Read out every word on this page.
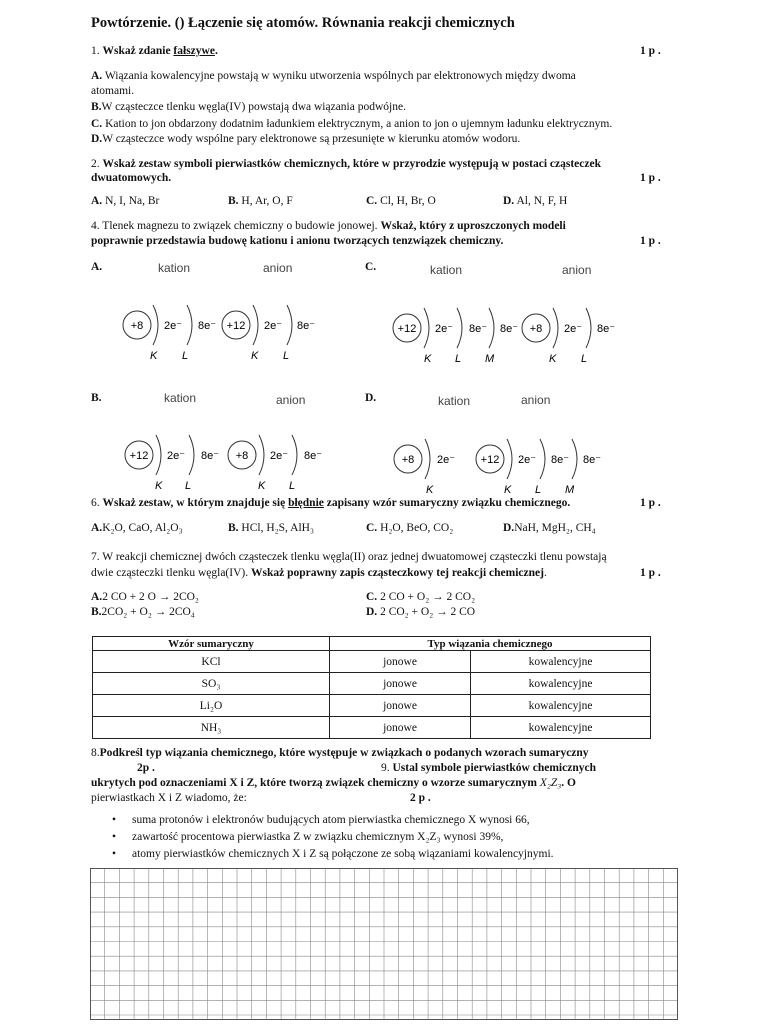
Powtórzenie. () Łączenie się atomów. Równania reakcji chemicznych
1. Wskaż zdanie fałszywe.	1 p .
A. Wiązania kowalencyjne powstają w wyniku utworzenia wspólnych par elektronowych między dwoma
atomami.
B.W cząsteczce tlenku węgla(IV) powstają dwa wiązania podwójne.
C. Kation to jon obdarzony dodatnim ładunkiem elektrycznym, a anion to jon o ujemnym ładunku elektrycznym.
D.W cząsteczce wody wspólne pary elektronowe są przesunięte w kierunku atomów wodoru.
2. Wskaż zestaw symboli pierwiastków chemicznych, które w przyrodzie występują w postaci cząsteczek
dwuatomowych.	1 p .
A. N, I, Na, Br	B. H, Ar, O, F	C. Cl, H, Br, O	D. Al, N, F, H
4. Tlenek magnezu to związek chemiczny o budowie jonowej. Wskaż, który z uproszczonych modeli
poprawnie przedstawia budowę kationu i anionu tworzących tenzwiązek chemiczny.	1 p .
A.	C.
B.	D.
kation	anion
+8 2e⁻ 8e⁻
K L
+12 2e⁻ 8e⁻
K L
kation	anion
+12 2e⁻ 8e⁻ 8e⁻
K L M
+8 2e⁻ 8e⁻
K L
kation	anion
+12 2e⁻ 8e⁻
K L
+8 2e⁻ 8e⁻
K L
kation	anion
+8 2e⁻
K
+12 2e⁻ 8e⁻ 8e⁻
K L M
6. Wskaż zestaw, w którym znajduje się błędnie zapisany wzór sumaryczny związku chemicznego.	1 p .
A.K₂O, CaO, Al₂O₃	B. HCl, H₂S, AlH₃	C. H₂O, BeO, CO₂	D.NaH, MgH₂, CH₄
7. W reakcji chemicznej dwóch cząsteczek tlenku węgla(II) oraz jednej dwuatomowej cząsteczki tlenu powstają
dwie cząsteczki tlenku węgla(IV). Wskaż poprawny zapis cząsteczkowy tej reakcji chemicznej.	1 p .
A.2 CO + 2 O → 2CO₂	C. 2 CO + O₂ → 2 CO₂
B.2CO₂ + O₂ → 2CO₄	D. 2 CO₂ + O₂ → 2 CO
Wzór sumaryczny	Typ wiązania chemicznego	
KCl	jonowe	kowalencyjne
SO₃	jonowe	kowalencyjne
Li₂O	jonowe	kowalencyjne
NH₃	jonowe	kowalencyjne
8.Podkreśl typ wiązania chemicznego, które występuje w związkach o podanych wzorach sumaryczny
2p .	9. Ustal symbole pierwiastków chemicznych
ukrytych pod oznaczeniami X i Z, które tworzą związek chemiczny o wzorze sumarycznym X₂Z₃. O
pierwiastkach X i Z wiadomo, że:	2 p .
• suma protonów i elektronów budujących atom pierwiastka chemicznego X wynosi 66,
• zawartość procentowa pierwiastka Z w związku chemicznym X₂Z₃ wynosi 39%,
• atomy pierwiastków chemicznych X i Z są połączone ze sobą wiązaniami kowalencyjnymi.
